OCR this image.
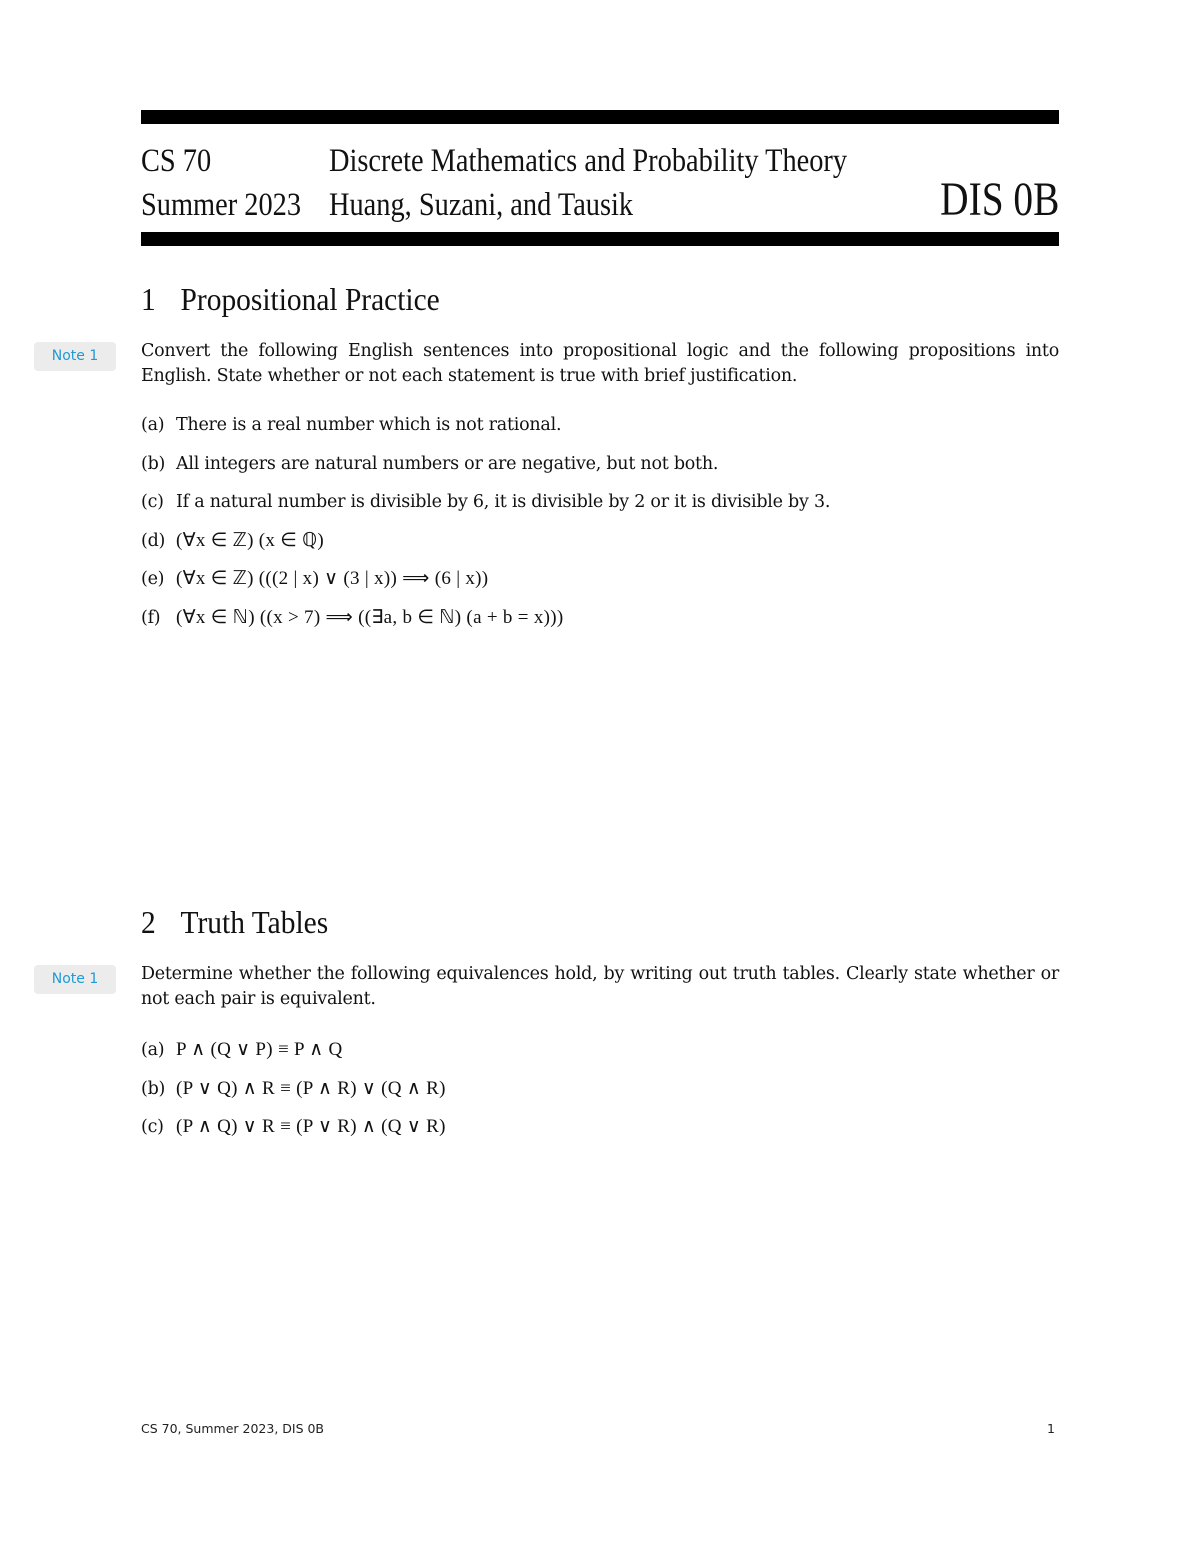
CS 70	Discrete Mathematics and Probability Theory
Summer 2023 Huang, Suzani, and Tausik	DIS 0B
1 Propositional Practice
Note 1	Convert the following English sentences into propositional logic and the following propositions into English. State whether or not each statement is true with brief justification.
(a) There is a real number which is not rational.
(b) All integers are natural numbers or are negative, but not both.
(c) If a natural number is divisible by 6, it is divisible by 2 or it is divisible by 3.
(d) (∀x ∈ ℤ) (x ∈ ℚ)
(e) (∀x ∈ ℤ) (((2 | x) ∨ (3 | x)) ⟹ (6 | x))
(f) (∀x ∈ ℕ) ((x > 7) ⟹ ((∃a, b ∈ ℕ) (a + b = x)))
2 Truth Tables
Note 1	Determine whether the following equivalences hold, by writing out truth tables. Clearly state whether or not each pair is equivalent.
(a) P ∧ (Q ∨ P) ≡ P ∧ Q
(b) (P ∨ Q) ∧ R ≡ (P ∧ R) ∨ (Q ∧ R)
(c) (P ∧ Q) ∨ R ≡ (P ∨ R) ∧ (Q ∨ R)
CS 70, Summer 2023, DIS 0B	1
